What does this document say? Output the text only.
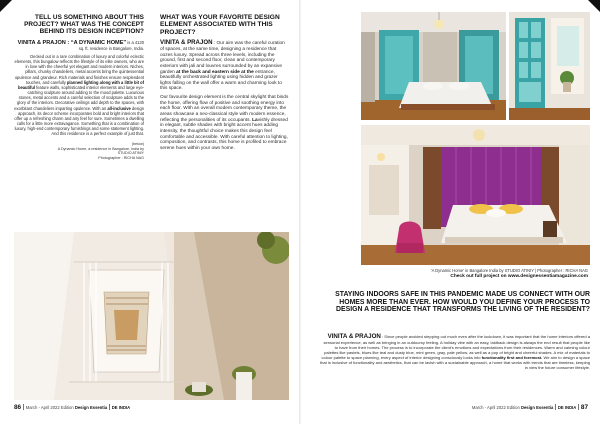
TELL US SOMETHING ABOUT THIS PROJECT? WHAT WAS THE CONCEPT BEHIND ITS DESIGN INCEPTION?
VINITA & PRAJON : “A DYNAMIC HOME” is a 4130 sq. ft. residence in Bangalore, India.
Decked out in a rare combination of luxury and colorful eclectic elements, this bungalow reflects the lifestyle of its elite owners, who are in love with the cheerful yet elegant and modern interiors. Niches, pillars, chunky chandeliers, metal accents bring the quintessential opulence and grandeur. Rich materials and finishes ensure resplendent touches, and carefully planned lighting along with a little bit of beautiful feature walls, sophisticated interior elements and large eye-catching sculpture around adding to the mood palette. Luxurious stones, metal accents and a careful selection of sculpture adds to the glory of the interiors. Decorative ceilings add depth to the spaces, with exorbitant chandeliers imparting opulence. With an all-inclusive design approach, its decor scheme incorporates bold and bright interiors that offer up a refreshing charm and airy feel for sure. Sometimes a dwelling calls for a little more extravagance. Something that is a combination of luxury, high-end contemporary furnishings and some statement lighting. And this residence is a perfect example of just that.
(below)
A Dynamic Home, a residence in Bangalore, India by
STUDIO ATINIY
Photographer : RICHA NAG
WHAT WAS YOUR FAVORITE DESIGN ELEMENT ASSOCIATED WITH THIS PROJECT?
VINITA & PRAJON : Our aim was the careful curation of spaces, at the same time, designing a residence that oozes luxury. Spread across three levels, including the ground, first and second floor, clean and contemporary exteriors with jali and louvres surrounded by an expansive garden at the back and eastern side at the entrance, beautifully orchestrated lighting using hidden and grazer lights falling on the wall offer a warm and charming look to this space.
Our favourite design element is the central skylight that binds the home, offering flow of positive and soothing energy into each floor. With an overall modern contemporary theme, the areas showcase a neo-classical style with modern essence, reflecting the personalities of its occupants. Lavishly dressed in elegant, subtle shades with bright accent hues adding intensity, the thoughtful choice makes this design feel comfortable and accessible. With careful attention to lighting, composition, and contrasts, this home is profiled to embrace serene hues within your own home.
'A Dynamic Home' in Bangalore India by STUDIO ATINIY | Photographer : RICHA NAG
Check out full project on www.designessentiamagazine.com
STAYING INDOORS SAFE IN THIS PANDEMIC MADE US CONNECT WITH OUR HOMES MORE THAN EVER. HOW WOULD YOU DEFINE YOUR PROCESS TO DESIGN A RESIDENCE THAT TRANSFORMS THE LIVING OF THE RESIDENT?
VINITA & PRAJON : Since people avoided stepping out much even after the lockdown, it was important that the home interiors offered a sensorial experience, as well as bringing in an outdoorsy feeling. A holiday vibe with an easy, laidback design is always the end result that people like to have from their homes. The process is to incorporate the client's emotions and expectations from their residences. Warm and calming colour palettes like pastels, blues like teal and dusty blue, mint green, gray, pale yellow, as well as a pop of bright and cheerful shades. A mix of materials to colour palette to space planning, every aspect of interior designing consciously looks into functionality first and foremost. We aim to design a space that is inclusive of functionality and aesthetics, that can be lavish with a sustainable approach, a home that works with trends that are timeless, keeping in view the future consumer lifestyle.
86 March - April 2022 Edition Design Essentia DE INDIA	March - April 2022 Edition Design Essentia DE INDIA 87
